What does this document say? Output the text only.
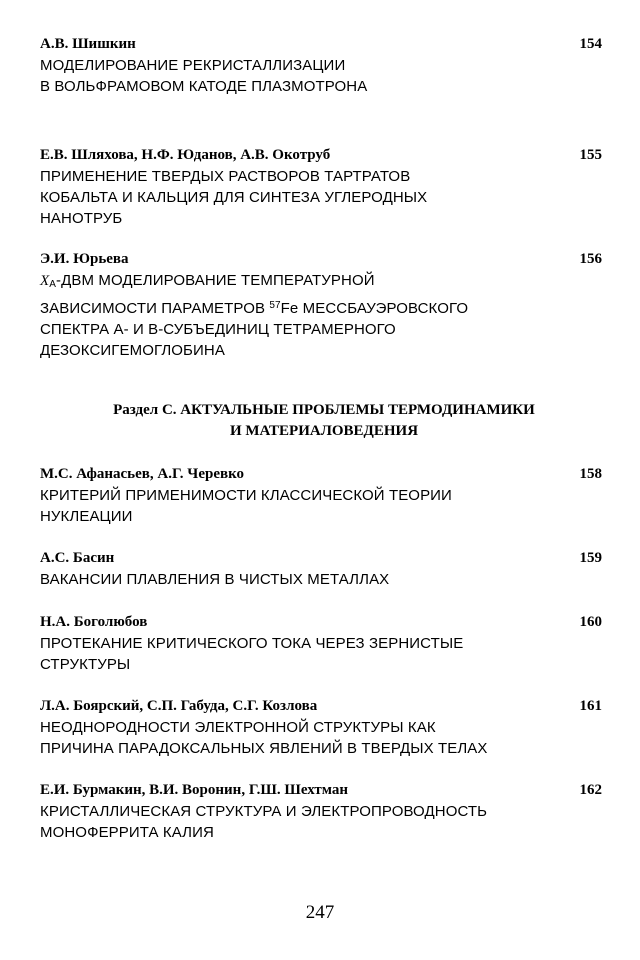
А.В. Шишкин	154
МОДЕЛИРОВАНИЕ РЕКРИСТАЛЛИЗАЦИИ
В ВОЛЬФРАМОВОМ КАТОДЕ ПЛАЗМОТРОНА
Е.В. Шляхова, Н.Ф. Юданов, А.В. Окотруб	155
ПРИМЕНЕНИЕ ТВЕРДЫХ РАСТВОРОВ ТАРТРАТОВ
КОБАЛЬТА И КАЛЬЦИЯ ДЛЯ СИНТЕЗА УГЛЕРОДНЫХ
НАНОТРУБ
Э.И. Юрьева	156
$X_A$-ДВМ МОДЕЛИРОВАНИЕ ТЕМПЕРАТУРНОЙ
ЗАВИСИМОСТИ ПАРАМЕТРОВ $^{57}$Fe МЕССБАУЭРОВСКОГО
СПЕКТРА А- И В-СУБЪЕДИНИЦ ТЕТРАМЕРНОГО
ДЕЗОКСИГЕМОГЛОБИНА
Раздел С. АКТУАЛЬНЫЕ ПРОБЛЕМЫ ТЕРМОДИНАМИКИ
И МАТЕРИАЛОВЕДЕНИЯ
М.С. Афанасьев, А.Г. Черевко	158
КРИТЕРИЙ ПРИМЕНИМОСТИ КЛАССИЧЕСКОЙ ТЕОРИИ
НУКЛЕАЦИИ
А.С. Басин	159
ВАКАНСИИ ПЛАВЛЕНИЯ В ЧИСТЫХ МЕТАЛЛАХ
Н.А. Боголюбов	160
ПРОТЕКАНИЕ КРИТИЧЕСКОГО ТОКА ЧЕРЕЗ ЗЕРНИСТЫЕ
СТРУКТУРЫ
Л.А. Боярский, С.П. Габуда, С.Г. Козлова	161
НЕОДНОРОДНОСТИ ЭЛЕКТРОННОЙ СТРУКТУРЫ КАК
ПРИЧИНА ПАРАДОКСАЛЬНЫХ ЯВЛЕНИЙ В ТВЕРДЫХ ТЕЛАХ
Е.И. Бурмакин, В.И. Воронин, Г.Ш. Шехтман	162
КРИСТАЛЛИЧЕСКАЯ СТРУКТУРА И ЭЛЕКТРОПРОВОДНОСТЬ
МОНОФЕРРИТА КАЛИЯ
247
